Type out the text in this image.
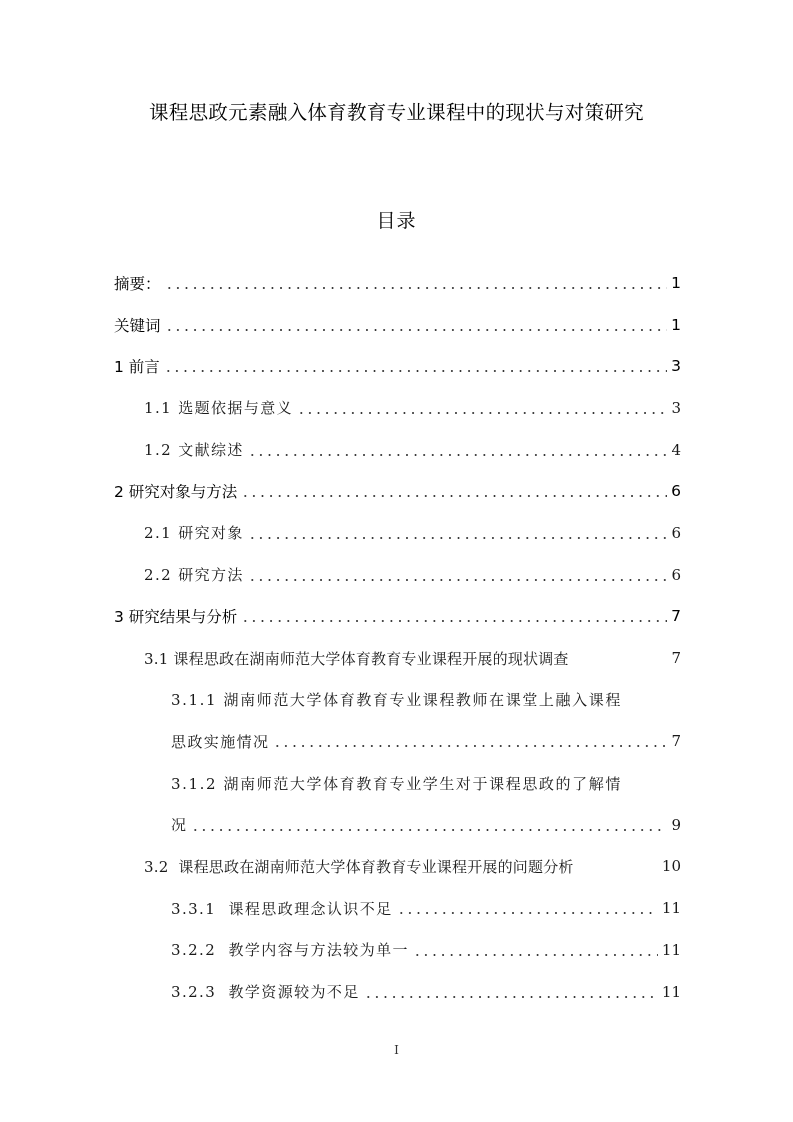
课程思政元素融入体育教育专业课程中的现状与对策研究
目录
摘要：	1
关键词	1
1 前言	3
1.1 选题依据与意义	3
1.2 文献综述	4
2 研究对象与方法	6
2.1 研究对象	6
2.2 研究方法	6
3 研究结果与分析	7
3.1 课程思政在湖南师范大学体育教育专业课程开展的现状调查	7
3.1.1 湖南师范大学体育教育专业课程教师在课堂上融入课程
思政实施情况	7
3.1.2 湖南师范大学体育教育专业学生对于课程思政的了解情
况	9
3.2  课程思政在湖南师范大学体育教育专业课程开展的问题分析	10
3.3.1  课程思政理念认识不足	11
3.2.2  教学内容与方法较为单一	11
3.2.3  教学资源较为不足	11
I
